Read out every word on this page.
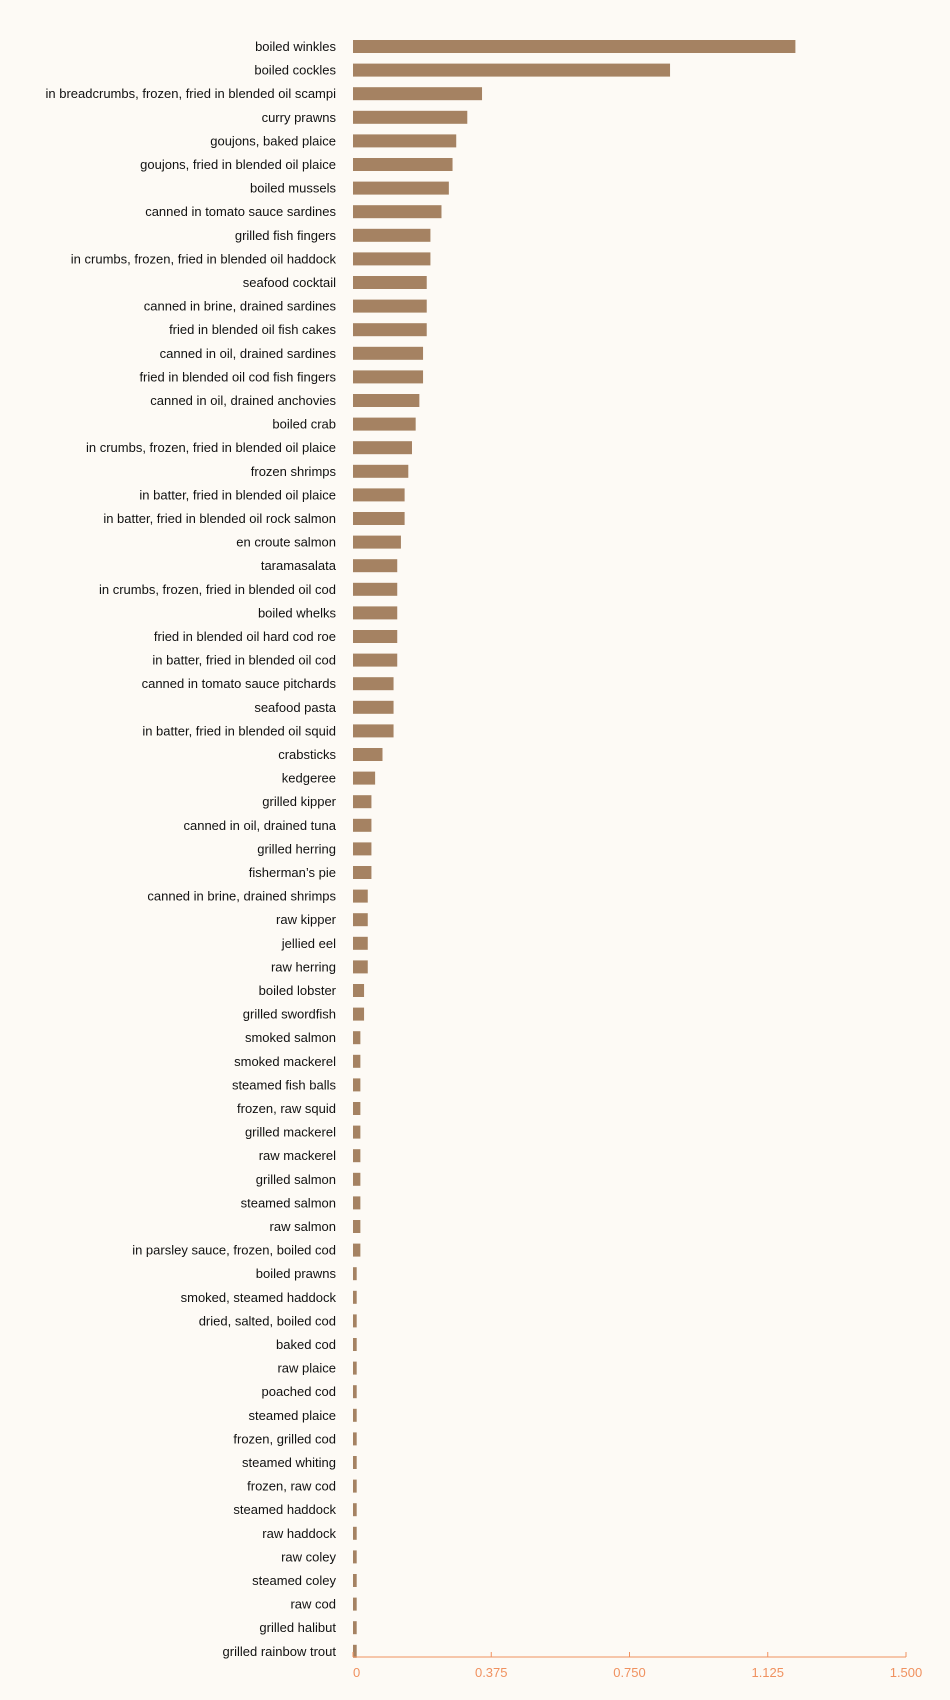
boiled winkles
boiled cockles
in breadcrumbs, frozen, fried in blended oil scampi
curry prawns
goujons, baked plaice
goujons, fried in blended oil plaice
boiled mussels
canned in tomato sauce sardines
grilled fish fingers
in crumbs, frozen, fried in blended oil haddock
seafood cocktail
canned in brine, drained sardines
fried in blended oil fish cakes
canned in oil, drained sardines
fried in blended oil cod fish fingers
canned in oil, drained anchovies
boiled crab
in crumbs, frozen, fried in blended oil plaice
frozen shrimps
in batter, fried in blended oil plaice
in batter, fried in blended oil rock salmon
en croute salmon
taramasalata
in crumbs, frozen, fried in blended oil cod
boiled whelks
fried in blended oil hard cod roe
in batter, fried in blended oil cod
canned in tomato sauce pitchards
seafood pasta
in batter, fried in blended oil squid
crabsticks
kedgeree
grilled kipper
canned in oil, drained tuna
grilled herring
fisherman’s pie
canned in brine, drained shrimps
raw kipper
jellied eel
raw herring
boiled lobster
grilled swordfish
smoked salmon
smoked mackerel
steamed fish balls
frozen, raw squid
grilled mackerel
raw mackerel
grilled salmon
steamed salmon
raw salmon
in parsley sauce, frozen, boiled cod
boiled prawns
smoked, steamed haddock
dried, salted, boiled cod
baked cod
raw plaice
poached cod
steamed plaice
frozen, grilled cod
steamed whiting
frozen, raw cod
steamed haddock
raw haddock
raw coley
steamed coley
raw cod
grilled halibut
grilled rainbow trout
0	0.375	0.750	1.125	1.500
